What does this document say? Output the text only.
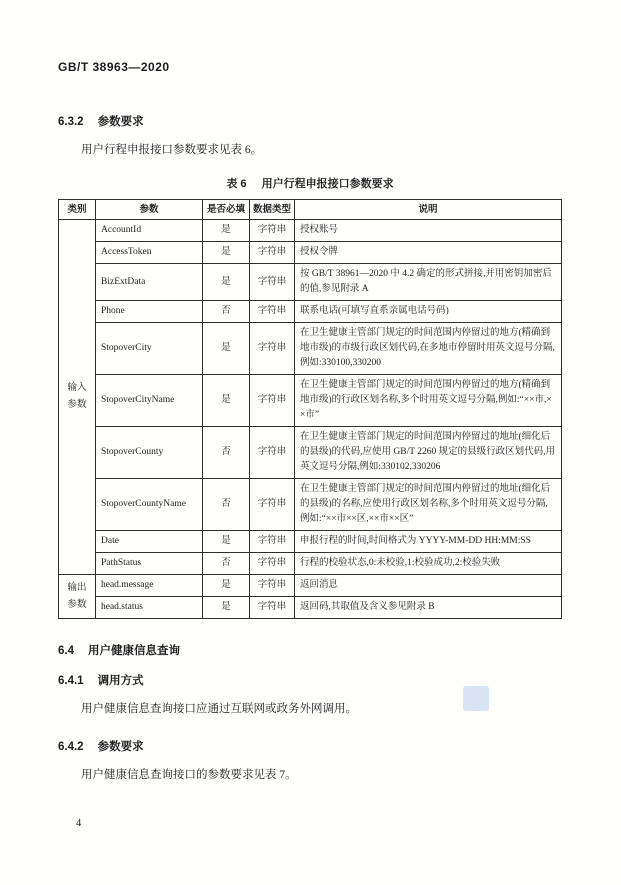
GB/T 38963—2020
6.3.2 参数要求
用户行程申报接口参数要求见表 6。
表 6 用户行程申报接口参数要求
类别	参数	是否必填	数据类型	说明
输入参数	AccountId	是	字符串	授权账号
	AccessToken	是	字符串	授权令牌
	BizExtData	是	字符串	按 GB/T 38961—2020 中 4.2 确定的形式拼接,并用密钥加密后的值,参见附录 A
	Phone	否	字符串	联系电话(可填写直系亲属电话号码)
	StopoverCity	是	字符串	在卫生健康主管部门规定的时间范围内停留过的地方(精确到地市级)的市级行政区划代码,在多地市停留时用英文逗号分隔,例如:330100,330200
	StopoverCityName	是	字符串	在卫生健康主管部门规定的时间范围内停留过的地方(精确到地市级)的行政区划名称,多个时用英文逗号分隔,例如:“××市,××市”
	StopoverCounty	否	字符串	在卫生健康主管部门规定的时间范围内停留过的地址(细化后的县级)的代码,应使用 GB/T 2260 规定的县级行政区划代码,用英文逗号分隔,例如:330102,330206
	StopoverCountyName	否	字符串	在卫生健康主管部门规定的时间范围内停留过的地址(细化后的县级)的名称,应使用行政区划名称,多个时用英文逗号分隔,例如:“××市××区,××市××区”
	Date	是	字符串	申报行程的时间,时间格式为 YYYY-MM-DD HH:MM:SS
	PathStatus	否	字符串	行程的校验状态,0:未校验,1:校验成功,2:校验失败
输出参数	head.message	是	字符串	返回消息
	head.status	是	字符串	返回码,其取值及含义参见附录 B
6.4 用户健康信息查询
6.4.1 调用方式
用户健康信息查询接口应通过互联网或政务外网调用。
6.4.2 参数要求
用户健康信息查询接口的参数要求见表 7。
4
